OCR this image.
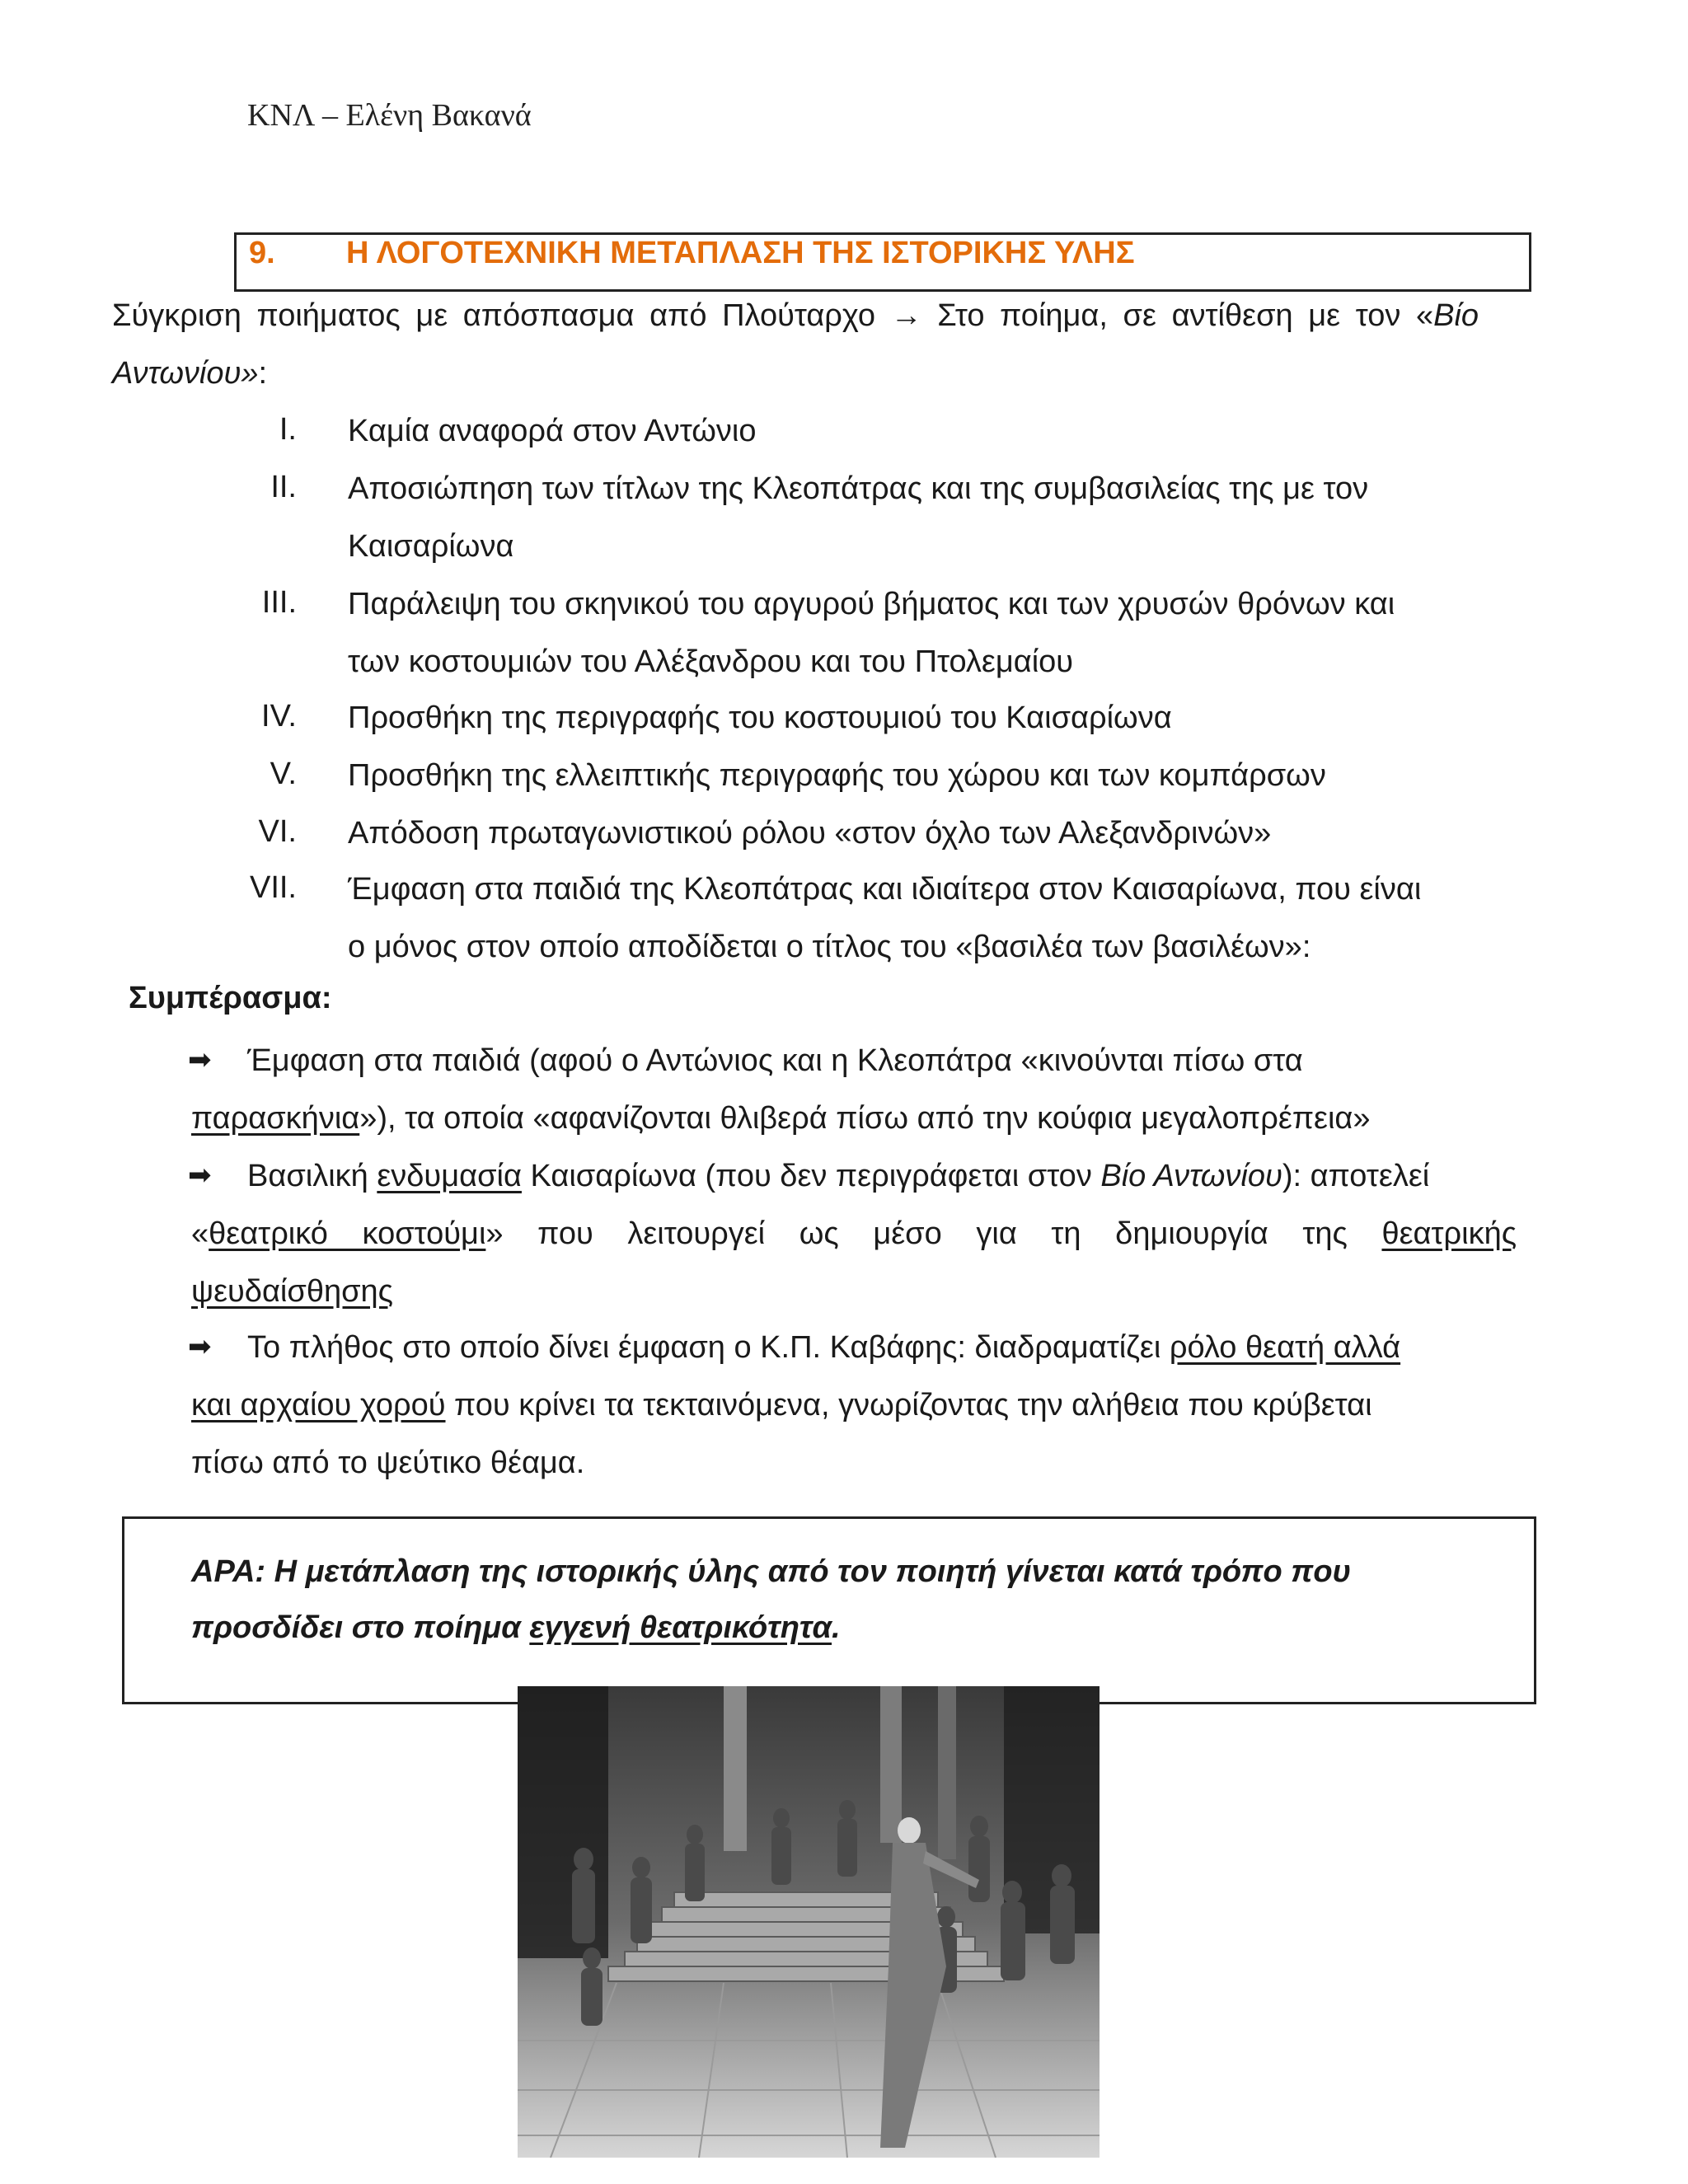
ΚΝΛ – Ελένη Βακανά
9. Η ΛΟΓΟΤΕΧΝΙΚΗ ΜΕΤΑΠΛΑΣΗ ΤΗΣ ΙΣΤΟΡΙΚΗΣ ΥΛΗΣ
Σύγκριση ποιήματος με απόσπασμα από Πλούταρχο → Στο ποίημα, σε αντίθεση με τον «Βίο
Αντωνίου»:
I. Καμία αναφορά στον Αντώνιο
II. Αποσιώπηση των τίτλων της Κλεοπάτρας και της συμβασιλείας της με τον
Καισαρίωνα
III. Παράλειψη του σκηνικού του αργυρού βήματος και των χρυσών θρόνων και
των κοστουμιών του Αλέξανδρου και του Πτολεμαίου
IV. Προσθήκη της περιγραφής του κοστουμιού του Καισαρίωνα
V. Προσθήκη της ελλειπτικής περιγραφής του χώρου και των κομπάρσων
VI. Απόδοση πρωταγωνιστικού ρόλου «στον όχλο των Αλεξανδρινών»
VII. Έμφαση στα παιδιά της Κλεοπάτρας και ιδιαίτερα στον Καισαρίωνα, που είναι
ο μόνος στον οποίο αποδίδεται ο τίτλος του «βασιλέα των βασιλέων»:
Συμπέρασμα:
➡ Έμφαση στα παιδιά (αφού ο Αντώνιος και η Κλεοπάτρα «κινούνται πίσω στα
παρασκήνια»), τα οποία «αφανίζονται θλιβερά πίσω από την κούφια μεγαλοπρέπεια»
➡ Βασιλική ενδυμασία Καισαρίωνα (που δεν περιγράφεται στον Βίο Αντωνίου): αποτελεί
«θεατρικό κοστούμι» που λειτουργεί ως μέσο για τη δημιουργία της θεατρικής
ψευδαίσθησης
➡ Το πλήθος στο οποίο δίνει έμφαση ο Κ.Π. Καβάφης: διαδραματίζει ρόλο θεατή αλλά
και αρχαίου χορού που κρίνει τα τεκταινόμενα, γνωρίζοντας την αλήθεια που κρύβεται
πίσω από το ψεύτικο θέαμα.
ΑΡΑ: Η μετάπλαση της ιστορικής ύλης από τον ποιητή γίνεται κατά τρόπο που
προσδίδει στο ποίημα εγγενή θεατρικότητα.
